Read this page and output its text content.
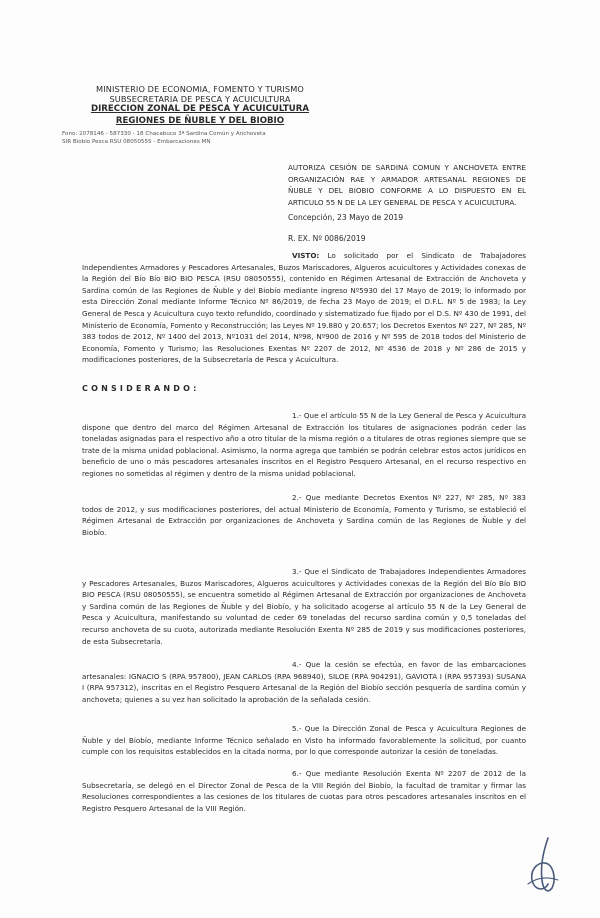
MINISTERIO DE ECONOMIA, FOMENTO Y TURISMO
SUBSECRETARIA DE PESCA Y ACUICULTURA
DIRECCION ZONAL DE PESCA Y ACUICULTURA
REGIONES DE ÑUBLE Y DEL BIOBIO
Fono: 2078146 - 587330 - 18 Chacabuco 3ª Sardina Común y Anchoveta
SIR Biobío Pesca RSU 08050555 - Embarcaciones MN
AUTORIZA CESIÓN DE SARDINA COMUN Y ANCHOVETA ENTRE ORGANIZACIÓN RAE Y ARMADOR ARTESANAL REGIONES DE ÑUBLE Y DEL BIOBIO CONFORME A LO DISPUESTO EN EL ARTICULO 55 N DE LA LEY GENERAL DE PESCA Y ACUICULTURA.
Concepción, 23 Mayo de 2019
R. EX. Nº 0086/2019
VISTO: Lo solicitado por el Sindicato de Trabajadores Independientes Armadores y Pescadores Artesanales, Buzos Mariscadores, Algueros acuicultores y Actividades conexas de la Región del Bío Bío BIO BIO PESCA (RSU 08050555), contenido en Régimen Artesanal de Extracción de Anchoveta y Sardina común de las Regiones de Ñuble y del Biobío mediante ingreso Nº5930 del 17 Mayo de 2019; lo informado por esta Dirección Zonal mediante Informe Técnico Nº 86/2019, de fecha 23 Mayo de 2019; el D.F.L. Nº 5 de 1983; la Ley General de Pesca y Acuicultura cuyo texto refundido, coordinado y sistematizado fue fijado por el D.S. Nº 430 de 1991, del Ministerio de Economía, Fomento y Reconstrucción; las Leyes Nº 19.880 y 20.657; los Decretos Exentos Nº 227, Nº 285, Nº 383 todos de 2012, Nº 1400 del 2013, Nº1031 del 2014, Nº98, Nº900 de 2016 y Nº 595 de 2018 todos del Ministerio de Economía, Fomento y Turismo; las Resoluciones Exentas Nº 2207 de 2012, Nº 4536 de 2018 y Nº 286 de 2015 y modificaciones posteriores, de la Subsecretaría de Pesca y Acuicultura.
CONSIDERANDO:
1.- Que el artículo 55 N de la Ley General de Pesca y Acuicultura dispone que dentro del marco del Régimen Artesanal de Extracción los titulares de asignaciones podrán ceder las toneladas asignadas para el respectivo año a otro titular de la misma región o a titulares de otras regiones siempre que se trate de la misma unidad poblacional. Asimismo, la norma agrega que también se podrán celebrar estos actos jurídicos en beneficio de uno o más pescadores artesanales inscritos en el Registro Pesquero Artesanal, en el recurso respectivo en regiones no sometidas al régimen y dentro de la misma unidad poblacional.
2.- Que mediante Decretos Exentos Nº 227, Nº 285, Nº 383 todos de 2012, y sus modificaciones posteriores, del actual Ministerio de Economía, Fomento y Turismo, se estableció el Régimen Artesanal de Extracción por organizaciones de Anchoveta y Sardina común de las Regiones de Ñuble y del Biobío.
3.- Que el Sindicato de Trabajadores Independientes Armadores y Pescadores Artesanales, Buzos Mariscadores, Algueros acuicultores y Actividades conexas de la Región del Bío Bío BIO BIO PESCA (RSU 08050555), se encuentra sometido al Régimen Artesanal de Extracción por organizaciones de Anchoveta y Sardina común de las Regiones de Ñuble y del Biobío, y ha solicitado acogerse al artículo 55 N de la Ley General de Pesca y Acuicultura, manifestando su voluntad de ceder 69 toneladas del recurso sardina común y 0,5 toneladas del recurso anchoveta de su cuota, autorizada mediante Resolución Exenta Nº 285 de 2019 y sus modificaciones posteriores, de esta Subsecretaría.
4.- Que la cesión se efectúa, en favor de las embarcaciones artesanales: IGNACIO S (RPA 957800), JEAN CARLOS (RPA 968940), SILOE (RPA 904291), GAVIOTA I (RPA 957393) SUSANA I (RPA 957312), inscritas en el Registro Pesquero Artesanal de la Región del Biobío sección pesquería de sardina común y anchoveta; quienes a su vez han solicitado la aprobación de la señalada cesión.
5.- Que la Dirección Zonal de Pesca y Acuicultura Regiones de Ñuble y del Biobío, mediante Informe Técnico señalado en Visto ha informado favorablemente la solicitud, por cuanto cumple con los requisitos establecidos en la citada norma, por lo que corresponde autorizar la cesión de toneladas.
6.- Que mediante Resolución Exenta Nº 2207 de 2012 de la Subsecretaría, se delegó en el Director Zonal de Pesca de la VIII Región del Biobío, la facultad de tramitar y firmar las Resoluciones correspondientes a las cesiones de los titulares de cuotas para otros pescadores artesanales inscritos en el Registro Pesquero Artesanal de la VIII Región.
